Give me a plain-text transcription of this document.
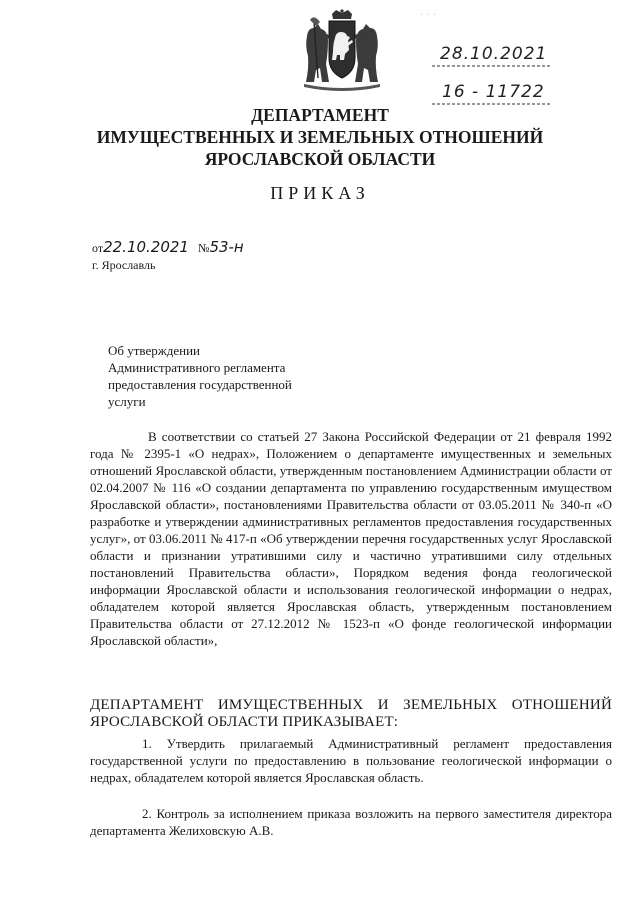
· · ·
28.10.2021
16 - 11722
ДЕПАРТАМЕНТ
ИМУЩЕСТВЕННЫХ И ЗЕМЕЛЬНЫХ ОТНОШЕНИЙ
ЯРОСЛАВСКОЙ ОБЛАСТИ
ПРИКАЗ
от22.10.2021 №53-н
г. Ярославль
Об утверждении
Административного регламента
предоставления государственной
услуги
В соответствии со статьей 27 Закона Российской Федерации от 21 февраля 1992 года № 2395-1 «О недрах», Положением о департаменте имущественных и земельных отношений Ярославской области, утвержденным постановлением Администрации области от 02.04.2007 № 116 «О создании департамента по управлению государственным имуществом Ярославской области», постановлениями Правительства области от 03.05.2011 № 340-п «О разработке и утверждении административных регламентов предоставления государственных услуг», от 03.06.2011 № 417-п «Об утверждении перечня государственных услуг Ярославской области и признании утратившими силу и частично утратившими силу отдельных постановлений Правительства области», Порядком ведения фонда геологической информации Ярославской области и использования геологической информации о недрах, обладателем которой является Ярославская область, утвержденным постановлением Правительства области от 27.12.2012 № 1523-п «О фонде геологической информации Ярославской области»,
ДЕПАРТАМЕНТ ИМУЩЕСТВЕННЫХ И ЗЕМЕЛЬНЫХ ОТНОШЕНИЙ ЯРОСЛАВСКОЙ ОБЛАСТИ ПРИКАЗЫВАЕТ:
1. Утвердить прилагаемый Административный регламент предоставления государственной услуги по предоставлению в пользование геологической информации о недрах, обладателем которой является Ярославская область.
2. Контроль за исполнением приказа возложить на первого заместителя директора департамента Желиховскую А.В.
